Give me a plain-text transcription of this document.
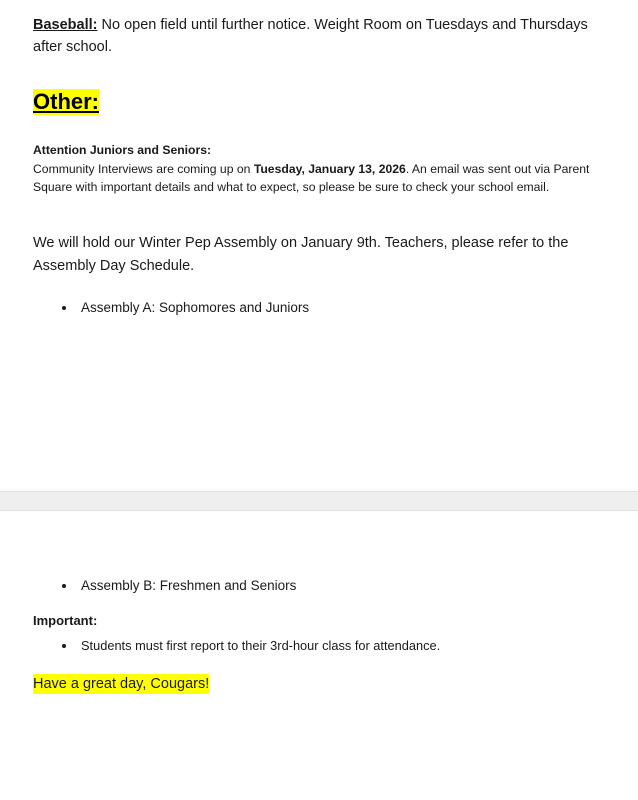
Baseball: No open field until further notice. Weight Room on Tuesdays and Thursdays after school.

Other:

Attention Juniors and Seniors:

Community Interviews are coming up on Tuesday, January 13, 2026. An email was sent out via Parent Square with important details and what to expect, so please be sure to check your school email.

We will hold our Winter Pep Assembly on January 9th. Teachers, please refer to the Assembly Day Schedule.

• Assembly A: Sophomores and Juniors
• Assembly B: Freshmen and Seniors

Important:

• Students must first report to their 3rd-hour class for attendance.
Have a great day, Cougars!
